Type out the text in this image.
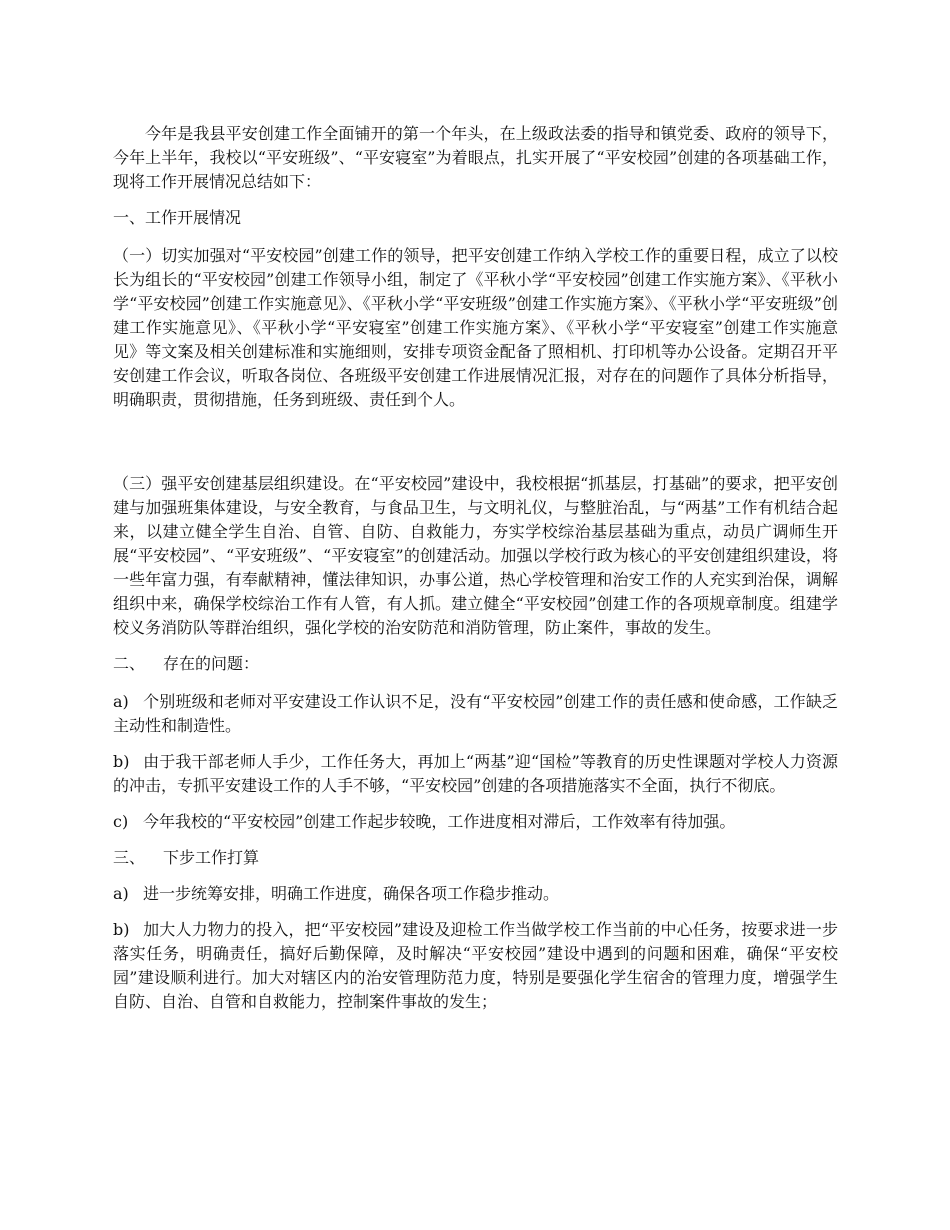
今年是我县平安创建工作全面铺开的第一个年头，在上级政法委的指导和镇党委、政府的领导下，今年上半年，我校以“平安班级”、“平安寝室”为着眼点，扎实开展了“平安校园”创建的各项基础工作，现将工作开展情况总结如下：

一、工作开展情况

（一）切实加强对“平安校园”创建工作的领导，把平安创建工作纳入学校工作的重要日程，成立了以校长为组长的“平安校园”创建工作领导小组，制定了《平秋小学“平安校园”创建工作实施方案》、《平秋小学“平安校园”创建工作实施意见》、《平秋小学“平安班级”创建工作实施方案》、《平秋小学“平安班级”创建工作实施意见》、《平秋小学“平安寝室”创建工作实施方案》、《平秋小学“平安寝室”创建工作实施意见》等文案及相关创建标准和实施细则，安排专项资金配备了照相机、打印机等办公设备。定期召开平安创建工作会议，听取各岗位、各班级平安创建工作进展情况汇报，对存在的问题作了具体分析指导，明确职责，贯彻措施，任务到班级、责任到个人。

（三）强平安创建基层组织建设。在“平安校园”建设中，我校根据“抓基层，打基础”的要求，把平安创建与加强班集体建设，与安全教育，与食品卫生，与文明礼仪，与整脏治乱，与“两基”工作有机结合起来，以建立健全学生自治、自管、自防、自救能力，夯实学校综治基层基础为重点，动员广调师生开展“平安校园”、“平安班级”、“平安寝室”的创建活动。加强以学校行政为核心的平安创建组织建设，将一些年富力强，有奉献精神，懂法律知识，办事公道，热心学校管理和治安工作的人充实到治保，调解组织中来，确保学校综治工作有人管，有人抓。建立健全“平安校园”创建工作的各项规章制度。组建学校义务消防队等群治组织，强化学校的治安防范和消防管理，防止案件，事故的发生。

二、 存在的问题：

a) 个别班级和老师对平安建设工作认识不足，没有“平安校园”创建工作的责任感和使命感，工作缺乏主动性和制造性。

b) 由于我干部老师人手少，工作任务大，再加上“两基”迎“国检”等教育的历史性课题对学校人力资源的冲击，专抓平安建设工作的人手不够，“平安校园”创建的各项措施落实不全面，执行不彻底。

c) 今年我校的“平安校园”创建工作起步较晚，工作进度相对滞后，工作效率有待加强。

三、 下步工作打算

a) 进一步统筹安排，明确工作进度，确保各项工作稳步推动。

b) 加大人力物力的投入，把“平安校园”建设及迎检工作当做学校工作当前的中心任务，按要求进一步落实任务，明确责任，搞好后勤保障，及时解决“平安校园”建设中遇到的问题和困难，确保“平安校园”建设顺利进行。加大对辖区内的治安管理防范力度，特别是要强化学生宿舍的管理力度，增强学生自防、自治、自管和自救能力，控制案件事故的发生；
